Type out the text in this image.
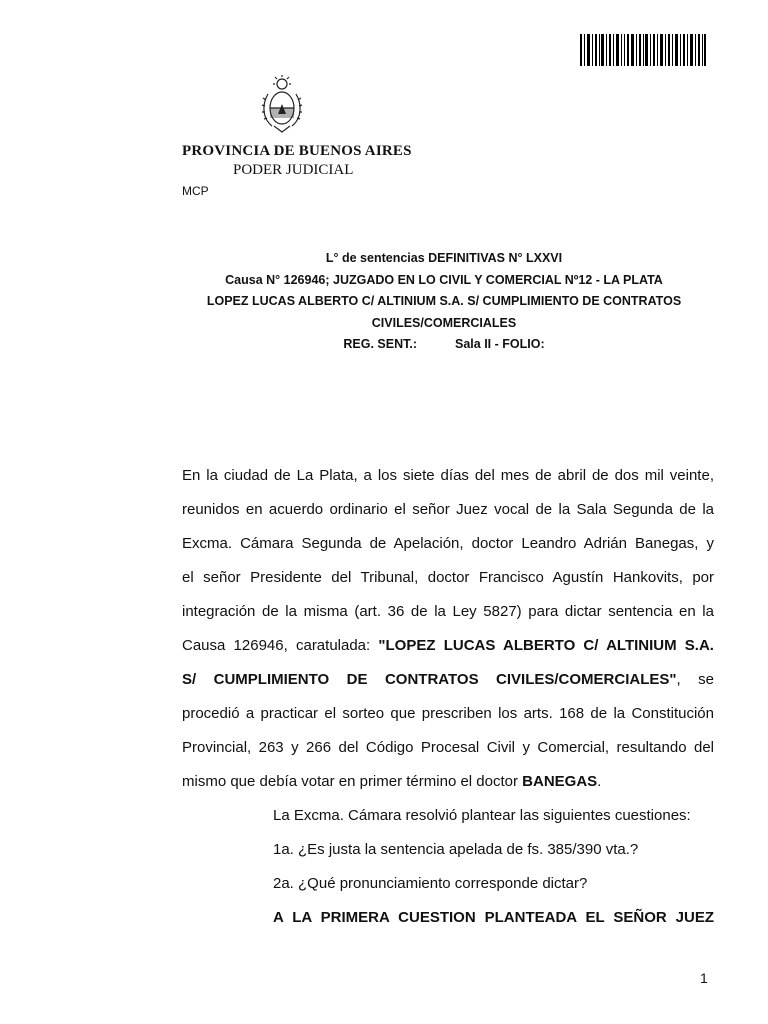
PROVINCIA DE BUENOS AIRES
PODER JUDICIAL
MCP
L° de sentencias DEFINITIVAS N° LXXVI
Causa N° 126946; JUZGADO EN LO CIVIL Y COMERCIAL Nº12 - LA PLATA
LOPEZ LUCAS ALBERTO C/ ALTINIUM S.A. S/ CUMPLIMIENTO DE CONTRATOS
CIVILES/COMERCIALES
REG. SENT.:	Sala II - FOLIO:
En la ciudad de La Plata, a los siete días del mes de abril de dos mil veinte,
reunidos en acuerdo ordinario el señor Juez vocal de la Sala Segunda de la
Excma. Cámara Segunda de Apelación, doctor Leandro Adrián Banegas, y
el señor Presidente del Tribunal, doctor Francisco Agustín Hankovits, por
integración de la misma (art. 36 de la Ley 5827) para dictar sentencia en la
Causa 126946, caratulada: "LOPEZ LUCAS ALBERTO C/ ALTINIUM S.A.
S/ CUMPLIMIENTO DE CONTRATOS CIVILES/COMERCIALES", se
procedió a practicar el sorteo que prescriben los arts. 168 de la Constitución
Provincial, 263 y 266 del Código Procesal Civil y Comercial, resultando del
mismo que debía votar en primer término el doctor BANEGAS.

La Excma. Cámara resolvió plantear las siguientes cuestiones:

1a. ¿Es justa la sentencia apelada de fs. 385/390 vta.?

2a. ¿Qué pronunciamiento corresponde dictar?

A LA PRIMERA CUESTION PLANTEADA EL SEÑOR JUEZ

1
